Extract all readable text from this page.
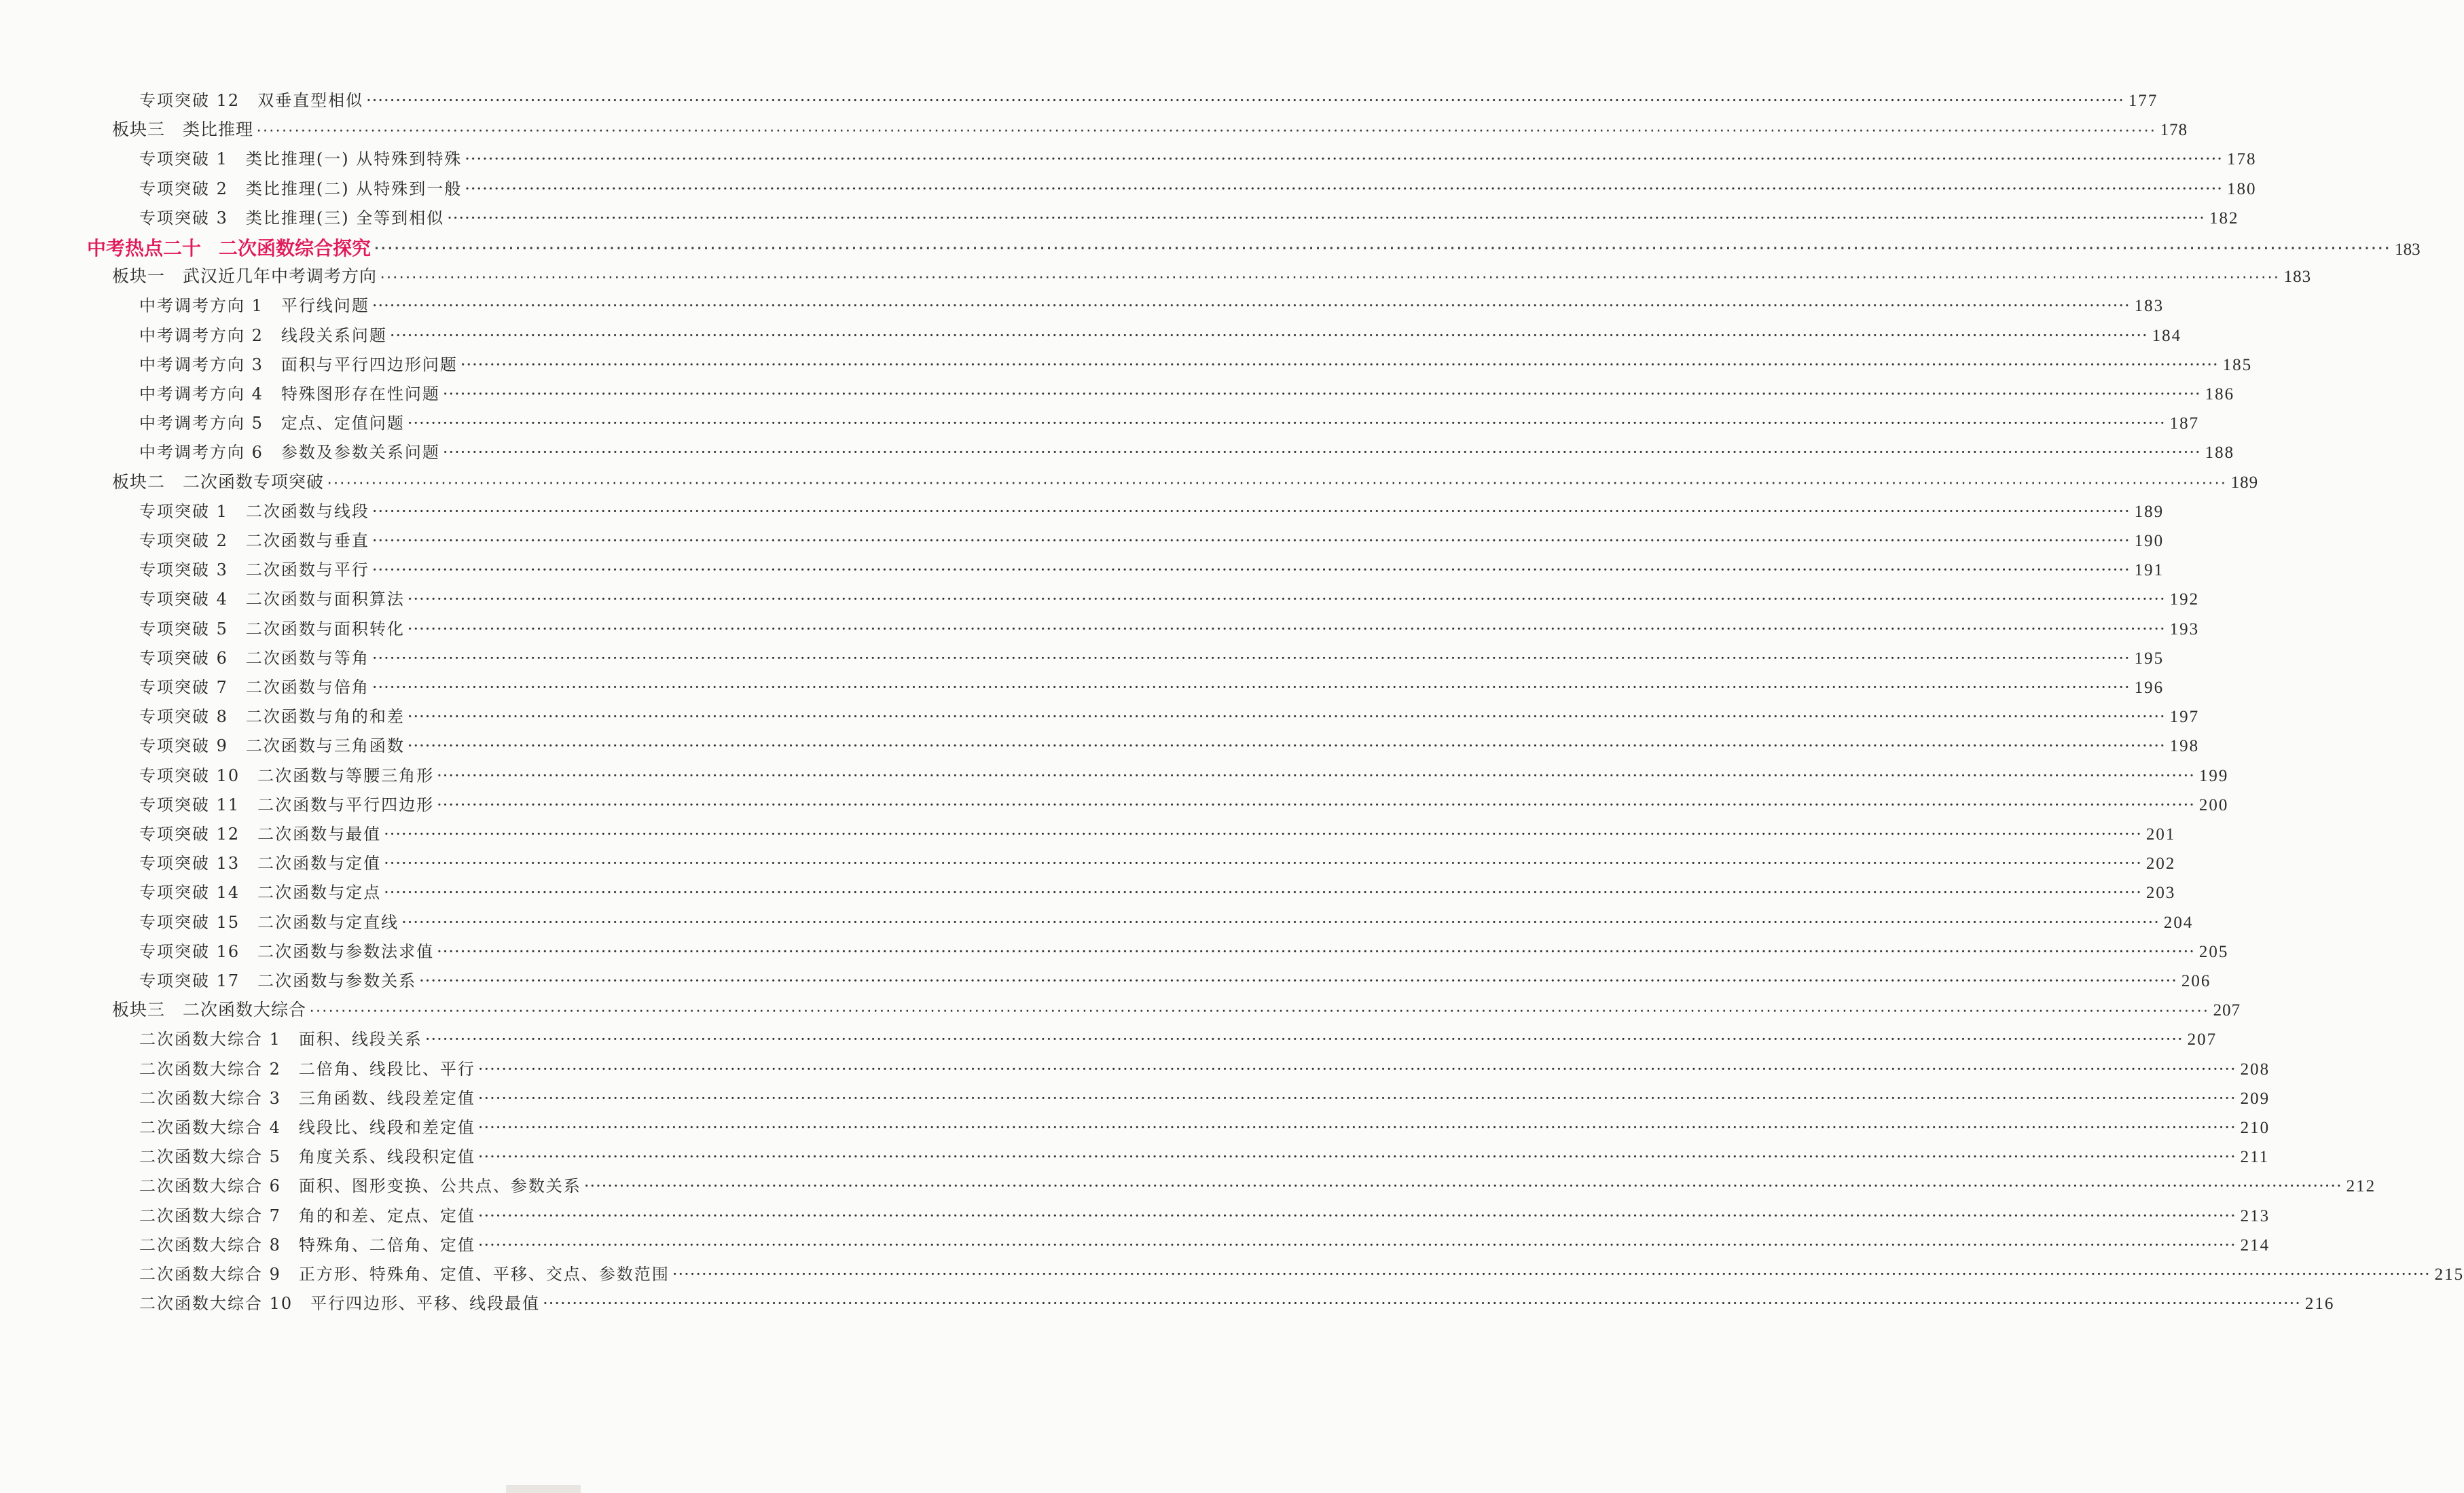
专项突破 12 双垂直型相似 ············································································································································································································································································································ 177
板块三 类比推理 ············································································································································································································································································································ 178
专项突破 1 类比推理(一) 从特殊到特殊 ············································································································································································································································································································ 178
专项突破 2 类比推理(二) 从特殊到一般 ············································································································································································································································································································ 180
专项突破 3 类比推理(三) 全等到相似 ············································································································································································································································································································ 182
中考热点二十 二次函数综合探究 ············································································································································································································································································································ 183
板块一 武汉近几年中考调考方向 ············································································································································································································································································································ 183
中考调考方向 1 平行线问题 ············································································································································································································································································································ 183
中考调考方向 2 线段关系问题 ············································································································································································································································································································ 184
中考调考方向 3 面积与平行四边形问题 ············································································································································································································································································································ 185
中考调考方向 4 特殊图形存在性问题 ············································································································································································································································································································ 186
中考调考方向 5 定点、定值问题 ············································································································································································································································································································ 187
中考调考方向 6 参数及参数关系问题 ············································································································································································································································································································ 188
板块二 二次函数专项突破 ············································································································································································································································································································ 189
专项突破 1 二次函数与线段 ············································································································································································································································································································ 189
专项突破 2 二次函数与垂直 ············································································································································································································································································································ 190
专项突破 3 二次函数与平行 ············································································································································································································································································································ 191
专项突破 4 二次函数与面积算法 ············································································································································································································································································································ 192
专项突破 5 二次函数与面积转化 ············································································································································································································································································································ 193
专项突破 6 二次函数与等角 ············································································································································································································································································································ 195
专项突破 7 二次函数与倍角 ············································································································································································································································································································ 196
专项突破 8 二次函数与角的和差 ············································································································································································································································································································ 197
专项突破 9 二次函数与三角函数 ············································································································································································································································································································ 198
专项突破 10 二次函数与等腰三角形 ············································································································································································································································································································ 199
专项突破 11 二次函数与平行四边形 ············································································································································································································································································································ 200
专项突破 12 二次函数与最值 ············································································································································································································································································································ 201
专项突破 13 二次函数与定值 ············································································································································································································································································································ 202
专项突破 14 二次函数与定点 ············································································································································································································································································································ 203
专项突破 15 二次函数与定直线 ············································································································································································································································································································ 204
专项突破 16 二次函数与参数法求值 ············································································································································································································································································································ 205
专项突破 17 二次函数与参数关系 ············································································································································································································································································································ 206
板块三 二次函数大综合 ············································································································································································································································································································ 207
二次函数大综合 1 面积、线段关系 ············································································································································································································································································································ 207
二次函数大综合 2 二倍角、线段比、平行 ············································································································································································································································································································ 208
二次函数大综合 3 三角函数、线段差定值 ············································································································································································································································································································ 209
二次函数大综合 4 线段比、线段和差定值 ············································································································································································································································································································ 210
二次函数大综合 5 角度关系、线段积定值 ············································································································································································································································································································ 211
二次函数大综合 6 面积、图形变换、公共点、参数关系 ············································································································································································································································································································ 212
二次函数大综合 7 角的和差、定点、定值 ············································································································································································································································································································ 213
二次函数大综合 8 特殊角、二倍角、定值 ············································································································································································································································································································ 214
二次函数大综合 9 正方形、特殊角、定值、平移、交点、参数范围 ············································································································································································································································································································ 215
二次函数大综合 10 平行四边形、平移、线段最值 ············································································································································································································································································································ 216
